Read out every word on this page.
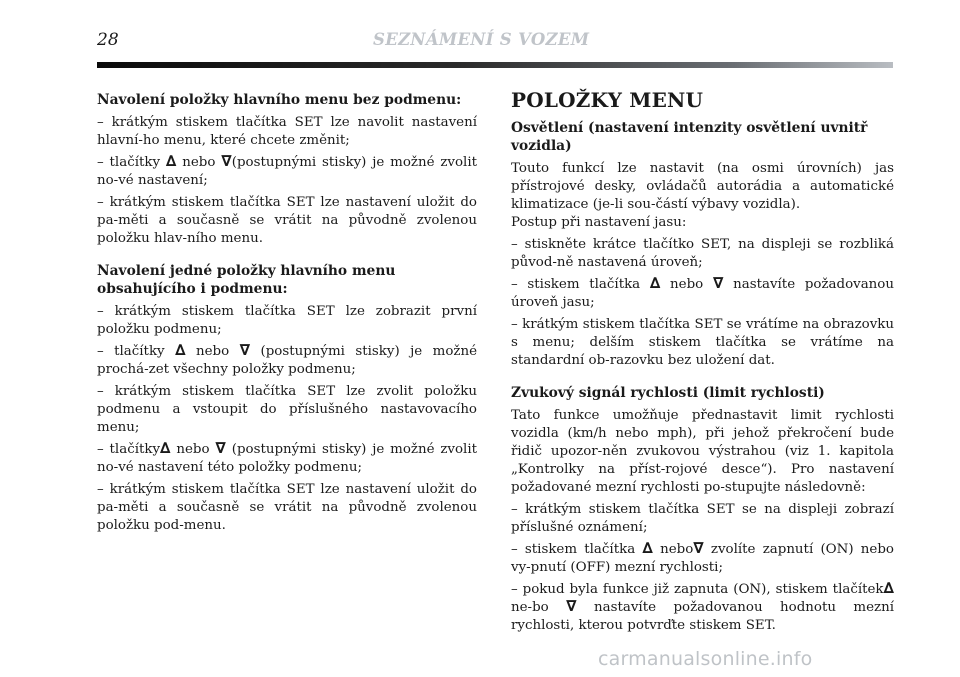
28	SEZNÁMENÍ S VOZEM
Navolení položky hlavního menu bez podmenu:

– krátkým stiskem tlačítka SET lze navolit nastavení hlavní-ho menu, které chcete změnit;

– tlačítky ∆ nebo ∇(postupnými stisky) je možné zvolit no-vé nastavení;

– krátkým stiskem tlačítka SET lze nastavení uložit do pa-měti a současně se vrátit na původně zvolenou položku hlav-ního menu.

Navolení jedné položky hlavního menu obsahujícího i podmenu:

– krátkým stiskem tlačítka SET lze zobrazit první položku podmenu;

– tlačítky ∆ nebo ∇ (postupnými stisky) je možné prochá-zet všechny položky podmenu;

– krátkým stiskem tlačítka SET lze zvolit položku podmenu a vstoupit do příslušného nastavovacího menu;

– tlačítky∆ nebo ∇ (postupnými stisky) je možné zvolit no-vé nastavení této položky podmenu;

– krátkým stiskem tlačítka SET lze nastavení uložit do pa-měti a současně se vrátit na původně zvolenou položku pod-menu.

POLOŽKY MENU
Osvětlení (nastavení intenzity osvětlení uvnitř vozidla)

Touto funkcí lze nastavit (na osmi úrovních) jas přístrojové desky, ovládačů autorádia a automatické klimatizace (je-li sou-částí výbavy vozidla).

Postup při nastavení jasu:

– stiskněte krátce tlačítko SET, na displeji se rozbliká původ-ně nastavená úroveň;

– stiskem tlačítka ∆ nebo ∇ nastavíte požadovanou úroveň jasu;

– krátkým stiskem tlačítka SET se vrátíme na obrazovku s menu; delším stiskem tlačítka se vrátíme na standardní ob-razovku bez uložení dat.

Zvukový signál rychlosti (limit rychlosti)

Tato funkce umožňuje přednastavit limit rychlosti vozidla (km/h nebo mph), při jehož překročení bude řidič upozor-něn zvukovou výstrahou (viz 1. kapitola „Kontrolky na příst-rojové desce“). Pro nastavení požadované mezní rychlosti po-stupujte následovně:

– krátkým stiskem tlačítka SET se na displeji zobrazí příslušné oznámení;

– stiskem tlačítka ∆ nebo∇ zvolíte zapnutí (ON) nebo vy-pnutí (OFF) mezní rychlosti;

– pokud byla funkce již zapnuta (ON), stiskem tlačítek∆ ne-bo ∇ nastavíte požadovanou hodnotu mezní rychlosti, kterou potvrďte stiskem SET.

carmanualsonline.info
